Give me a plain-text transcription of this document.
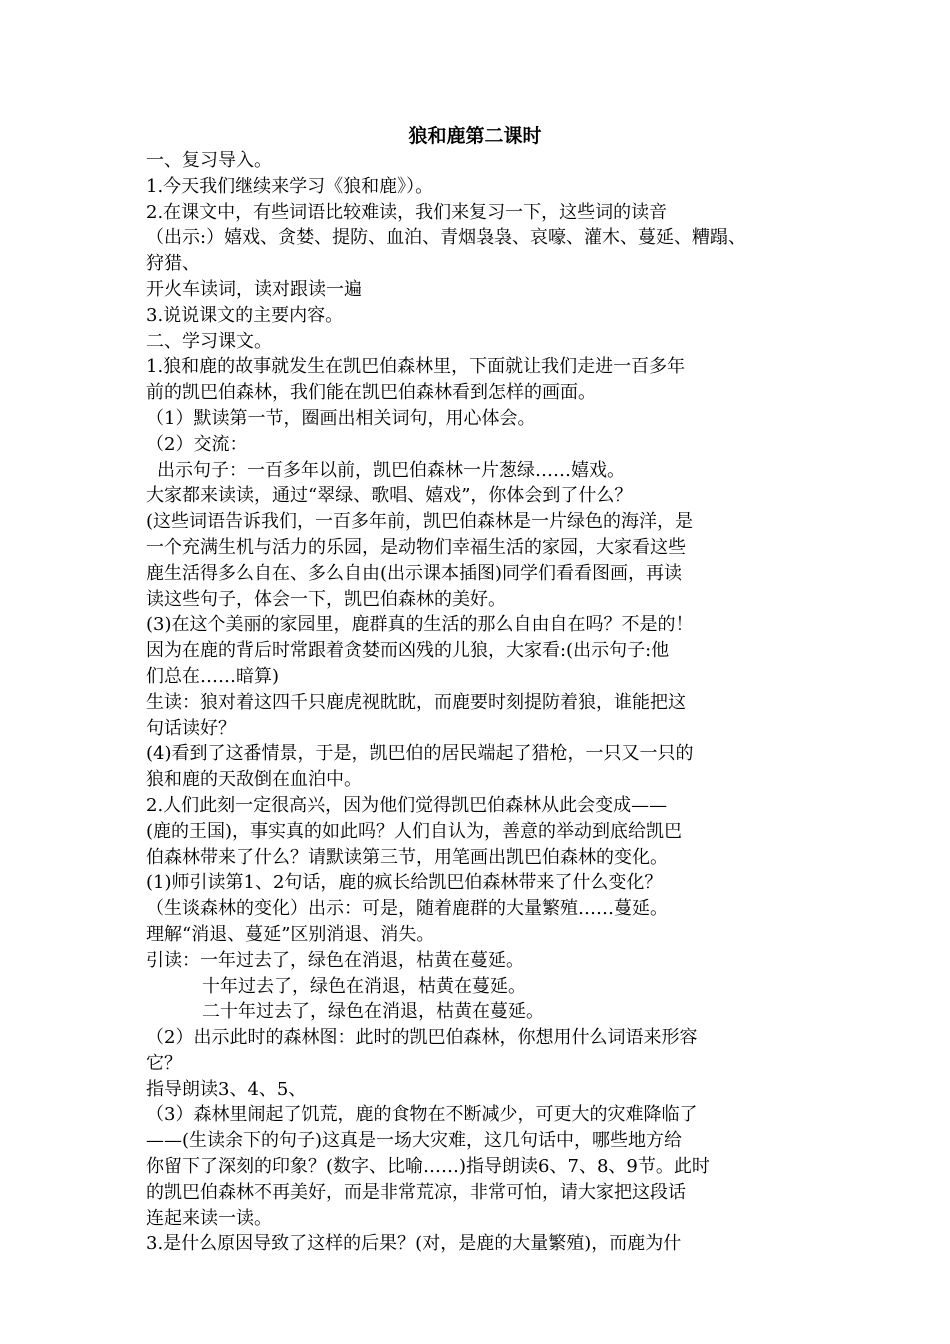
狼和鹿第二课时
一、复习导入。
1.今天我们继续来学习《狼和鹿》）。
2.在课文中，有些词语比较难读，我们来复习一下，这些词的读音
（出示:）嬉戏、贪婪、提防、血泊、青烟袅袅、哀嚎、灌木、蔓延、糟蹋、
狩猎、
开火车读词，读对跟读一遍
3.说说课文的主要内容。
二、学习课文。
1.狼和鹿的故事就发生在凯巴伯森林里，下面就让我们走进一百多年
前的凯巴伯森林，我们能在凯巴伯森林看到怎样的画面。
（1）默读第一节，圈画出相关词句，用心体会。
（2）交流：
出示句子：一百多年以前，凯巴伯森林一片葱绿……嬉戏。
大家都来读读，通过“翠绿、歌唱、嬉戏”，你体会到了什么？
(这些词语告诉我们，一百多年前，凯巴伯森林是一片绿色的海洋，是
一个充满生机与活力的乐园，是动物们幸福生活的家园，大家看这些
鹿生活得多么自在、多么自由(出示课本插图)同学们看看图画，再读
读这些句子，体会一下，凯巴伯森林的美好。
(3)在这个美丽的家园里，鹿群真的生活的那么自由自在吗？不是的！
因为在鹿的背后时常跟着贪婪而凶残的儿狼，大家看:(出示句子:他
们总在……暗算)
生读：狼对着这四千只鹿虎视眈眈，而鹿要时刻提防着狼，谁能把这
句话读好？
(4)看到了这番情景，于是，凯巴伯的居民端起了猎枪，一只又一只的
狼和鹿的天敌倒在血泊中。
2.人们此刻一定很高兴，因为他们觉得凯巴伯森林从此会变成——
(鹿的王国)，事实真的如此吗？人们自认为，善意的举动到底给凯巴
伯森林带来了什么？请默读第三节，用笔画出凯巴伯森林的变化。
(1)师引读第1、2句话，鹿的疯长给凯巴伯森林带来了什么变化？
（生谈森林的变化）出示：可是，随着鹿群的大量繁殖……蔓延。
理解“消退、蔓延”区别消退、消失。
引读：一年过去了，绿色在消退，枯黄在蔓延。
十年过去了，绿色在消退，枯黄在蔓延。
二十年过去了，绿色在消退，枯黄在蔓延。
（2）出示此时的森林图：此时的凯巴伯森林，你想用什么词语来形容
它？
指导朗读3、4、5、
（3）森林里闹起了饥荒，鹿的食物在不断减少，可更大的灾难降临了
——(生读余下的句子)这真是一场大灾难，这几句话中，哪些地方给
你留下了深刻的印象？(数字、比喻……)指导朗读6、7、8、9节。此时
的凯巴伯森林不再美好，而是非常荒凉，非常可怕，请大家把这段话
连起来读一读。
3.是什么原因导致了这样的后果？(对，是鹿的大量繁殖)，而鹿为什
